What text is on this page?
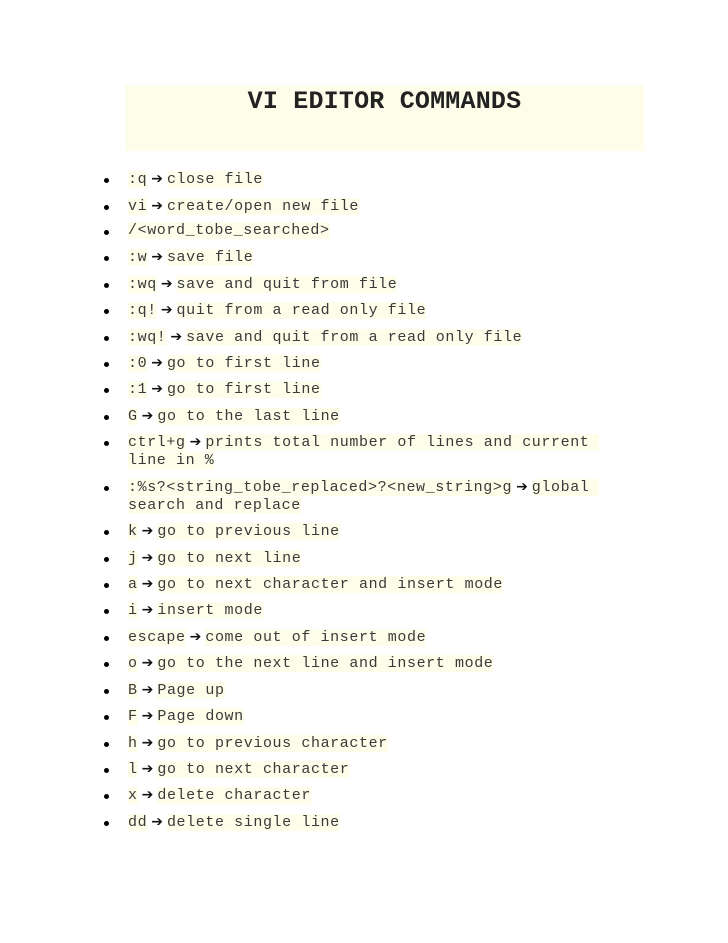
VI EDITOR COMMANDS
:q ➔ close file
vi ➔ create/open new file
/<word_tobe_searched>
:w ➔ save file
:wq ➔ save and quit from file
:q! ➔ quit from a read only file
:wq! ➔ save and quit from a read only file
:0 ➔ go to first line
:1 ➔ go to first line
G ➔ go to the last line
ctrl+g ➔ prints total number of lines and current line in %
:%s?<string_tobe_replaced>?<new_string>g ➔ global search and replace
k ➔ go to previous line
j ➔ go to next line
a ➔ go to next character and insert mode
i ➔ insert mode
escape ➔ come out of insert mode
o ➔ go to the next line and insert mode
B ➔ Page up
F ➔ Page down
h ➔ go to previous character
l ➔ go to next character
x ➔ delete character
dd ➔ delete single line
